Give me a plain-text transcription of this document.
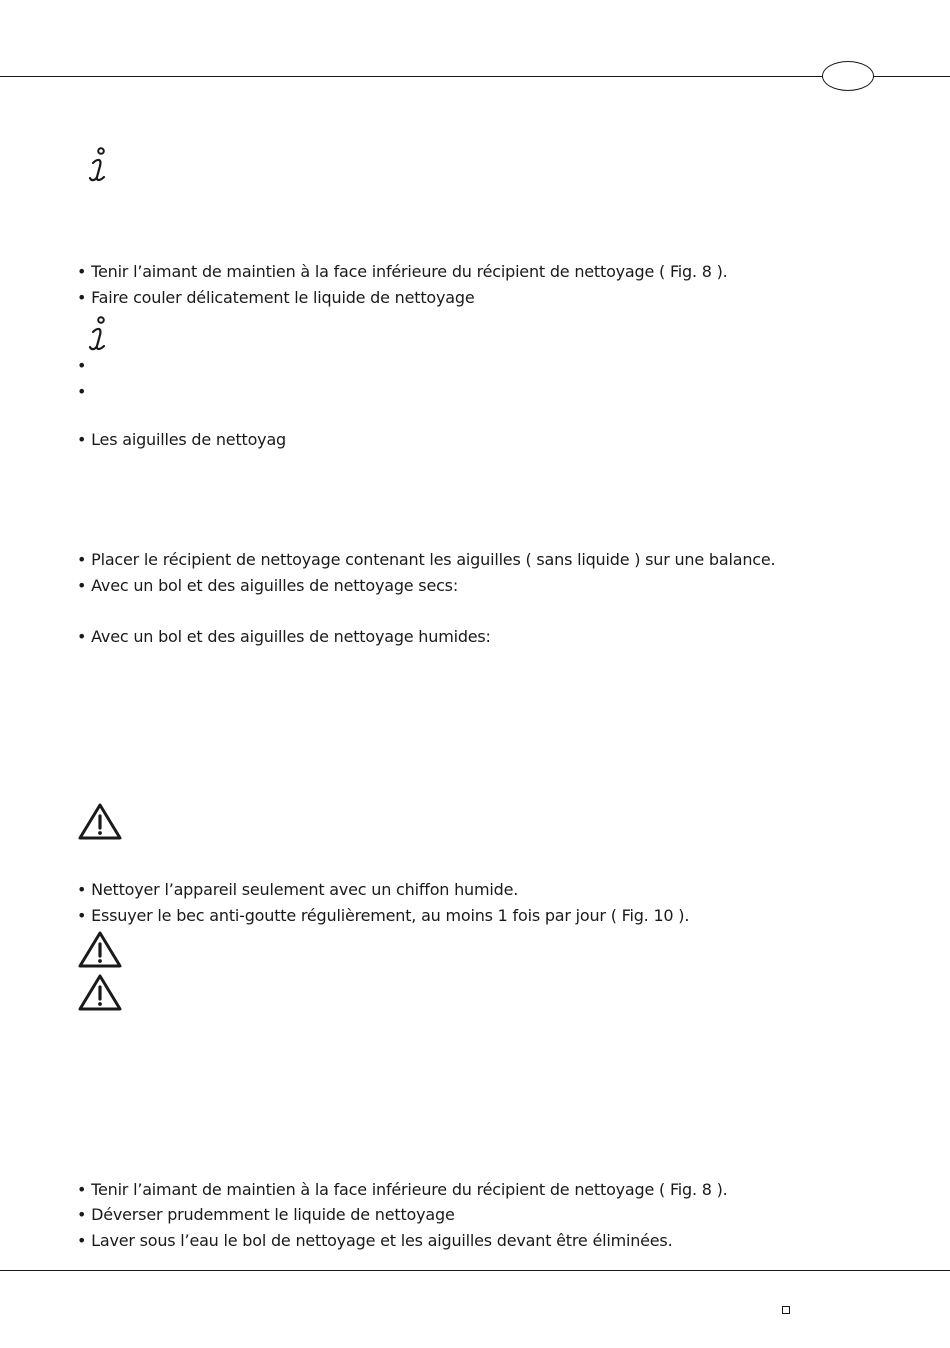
• Tenir l’aimant de maintien à la face inférieure du récipient de nettoyage ( Fig. 8 ).
• Faire couler délicatement le liquide de nettoyage
•
•
• Les aiguilles de nettoyag
• Placer le récipient de nettoyage contenant les aiguilles ( sans liquide ) sur une balance.
• Avec un bol et des aiguilles de nettoyage secs:
• Avec un bol et des aiguilles de nettoyage humides:
• Nettoyer l’appareil seulement avec un chiffon humide.
• Essuyer le bec anti-goutte régulièrement, au moins 1 fois par jour ( Fig. 10 ).
• Tenir l’aimant de maintien à la face inférieure du récipient de nettoyage ( Fig. 8 ).
• Déverser prudemment le liquide de nettoyage
• Laver sous l’eau le bol de nettoyage et les aiguilles devant être éliminées.
